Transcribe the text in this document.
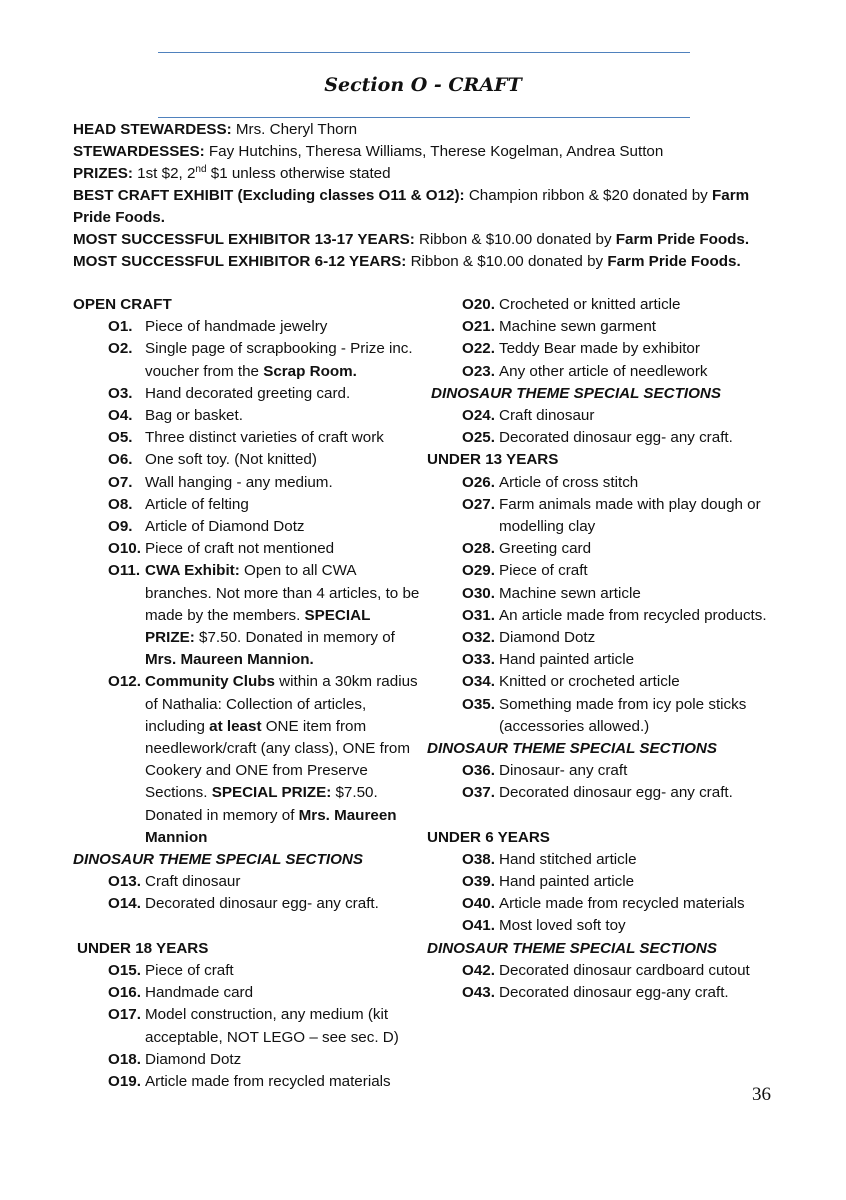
Section O - CRAFT

HEAD STEWARDESS: Mrs. Cheryl Thorn

STEWARDESSES: Fay Hutchins, Theresa Williams, Therese Kogelman, Andrea Sutton

PRIZES: 1st $2, 2nd $1 unless otherwise stated

BEST CRAFT EXHIBIT (Excluding classes O11 & O12): Champion ribbon & $20 donated by Farm Pride Foods.

MOST SUCCESSFUL EXHIBITOR 13-17 YEARS: Ribbon & $10.00 donated by Farm Pride Foods.

MOST SUCCESSFUL EXHIBITOR 6-12 YEARS: Ribbon & $10.00 donated by Farm Pride Foods.

OPEN CRAFT
O1. Piece of handmade jewelry
O2. Single page of scrapbooking - Prize inc. voucher from the Scrap Room.
O3. Hand decorated greeting card.
O4. Bag or basket.
O5. Three distinct varieties of craft work
O6. One soft toy. (Not knitted)
O7. Wall hanging - any medium.
O8. Article of felting
O9. Article of Diamond Dotz
O10. Piece of craft not mentioned
O11. CWA Exhibit: Open to all CWA branches. Not more than 4 articles, to be made by the members. SPECIAL PRIZE: $7.50. Donated in memory of Mrs. Maureen Mannion.
O12. Community Clubs within a 30km radius of Nathalia: Collection of articles, including at least ONE item from needlework/craft (any class), ONE from Cookery and ONE from Preserve Sections. SPECIAL PRIZE: $7.50. Donated in memory of Mrs. Maureen Mannion
DINOSAUR THEME SPECIAL SECTIONS
O13. Craft dinosaur
O14. Decorated dinosaur egg- any craft.
UNDER 18 YEARS
O15. Piece of craft
O16. Handmade card
O17. Model construction, any medium (kit acceptable, NOT LEGO – see sec. D)
O18. Diamond Dotz
O19. Article made from recycled materials
O20. Crocheted or knitted article
O21. Machine sewn garment
O22. Teddy Bear made by exhibitor
O23. Any other article of needlework
DINOSAUR THEME SPECIAL SECTIONS
O24. Craft dinosaur
O25. Decorated dinosaur egg- any craft.
UNDER 13 YEARS
O26. Article of cross stitch
O27. Farm animals made with play dough or modelling clay
O28. Greeting card
O29. Piece of craft
O30. Machine sewn article
O31. An article made from recycled products.
O32. Diamond Dotz
O33. Hand painted article
O34. Knitted or crocheted article
O35. Something made from icy pole sticks (accessories allowed.)
DINOSAUR THEME SPECIAL SECTIONS
O36. Dinosaur- any craft
O37. Decorated dinosaur egg- any craft.
UNDER 6 YEARS
O38. Hand stitched article
O39. Hand painted article
O40. Article made from recycled materials
O41. Most loved soft toy
DINOSAUR THEME SPECIAL SECTIONS
O42. Decorated dinosaur cardboard cutout
O43. Decorated dinosaur egg-any craft.
36
